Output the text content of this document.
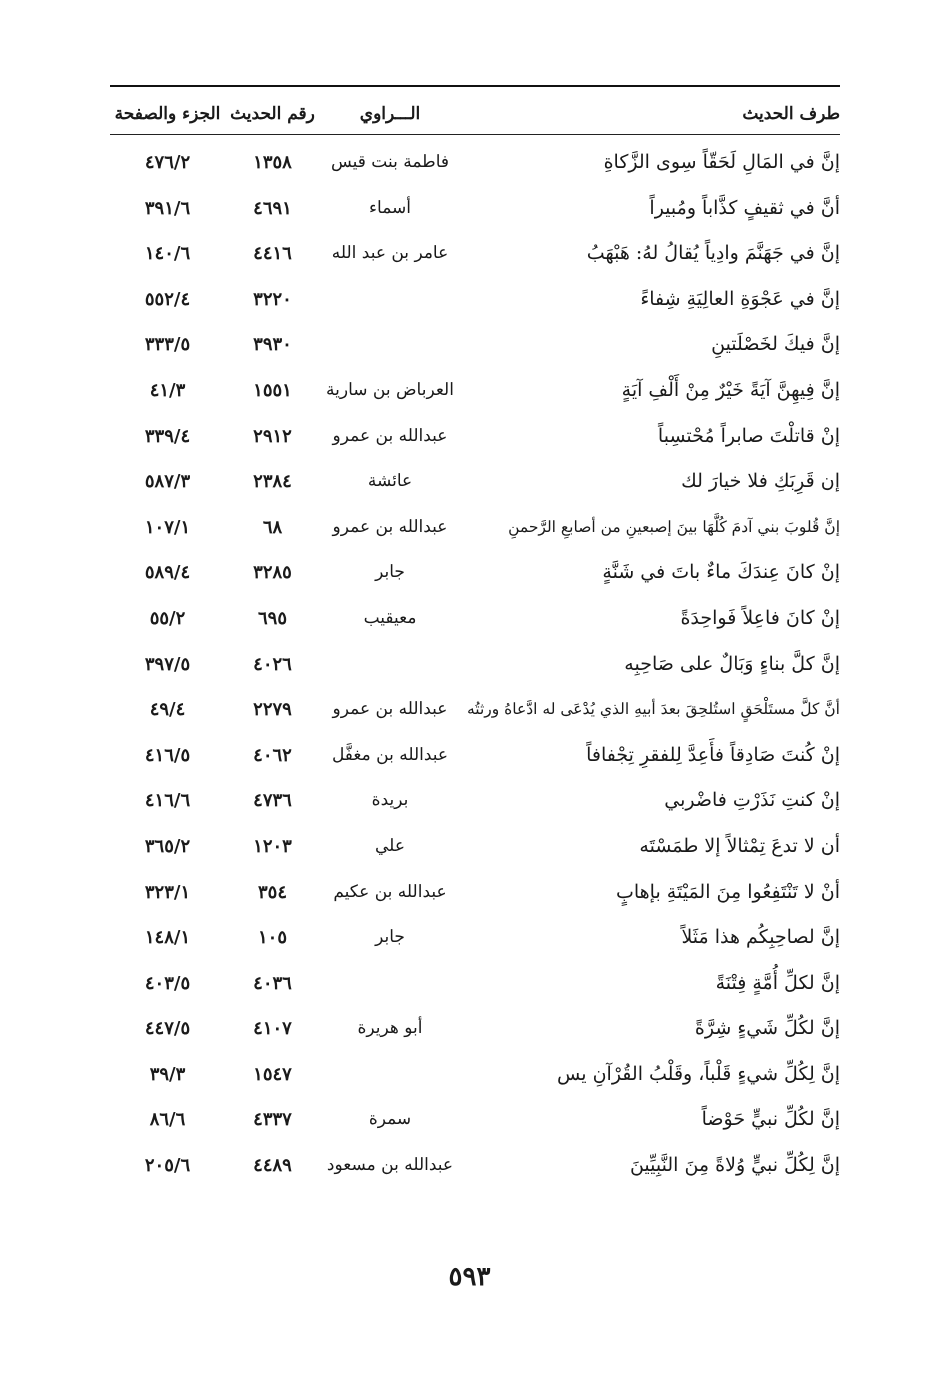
طرف الحديث
الـــراوي
رقم الحديث
الجزء والصفحة
إنَّ في المَالِ لَحَقّاً سِوى الزَّكاةِ
فاطمة بنت قيس
١٣٥٨
٤٧٦/٢
أنَّ في ثقيفٍ كذَّاباً ومُبيراً
أسماء
٤٦٩١
٣٩١/٦
إنَّ في جَهَنَّمَ وادِياً يُقالُ لهُ: هَبْهَبُ
عامر بن عبد الله
٤٤١٦
١٤٠/٦
إنَّ في عَجْوَةِ العالِيَةِ شِفاءً
٣٢٢٠
٥٥٢/٤
إنَّ فيكَ لخَصْلَتينِ
٣٩٣٠
٣٣٣/٥
إنَّ فِيهِنَّ آيَةً خَيْرٌ مِنْ أَلْفِ آيَةٍ
العرباض بن سارية
١٥٥١
٤١/٣
إنْ قاتلْتَ صابراً مُحْتسِباً
عبدالله بن عمرو
٢٩١٢
٣٣٩/٤
إن قَرِبَكِ فلا خيارَ لك
عائشة
٢٣٨٤
٥٨٧/٣
إنَّ قُلوبَ بني آدمَ كُلَّهَا بينَ إصبعينِ من أصابعِ الرَّحمنِ
عبدالله بن عمرو
٦٨
١٠٧/١
إنْ كانَ عِندَكَ ماءٌ باتَ في شَنَّةٍ
جابر
٣٢٨٥
٥٨٩/٤
إنْ كانَ فاعِلاً فَواحِدَةً
معيقيب
٦٩٥
٥٥/٢
إنَّ كلَّ بناءٍ وَبَالٌ على صَاحِبِه
٤٠٢٦
٣٩٧/٥
أنَّ كلَّ مستَلْحَقٍ استُلحِقَ بعدَ أبيهِ الذي يُدْعَى له ادَّعاهُ ورثتُه
عبدالله بن عمرو
٢٢٧٩
٤٩/٤
إنْ كُنتَ صَادِقاً فأَعِدَّ لِلفقرِ تِجْفافاً
عبدالله بن مغفَّل
٤٠٦٢
٤١٦/٥
إنْ كنتِ نَذَرْتِ فاضْربي
بريدة
٤٧٣٦
٤١٦/٦
أن لا تدعَ تِمْثالاً إلا طمَسْتَه
علي
١٢٠٣
٣٦٥/٢
أنْ لا تَنْتَفِعُوا مِنَ المَيْتَةِ بإهابٍ
عبدالله بن عكيم
٣٥٤
٣٢٣/١
إنَّ لصاحِبِكُم هذا مَثَلاً
جابر
١٠٥
١٤٨/١
إنَّ لكلِّ أُمَّةٍ فِتْنَةً
٤٠٣٦
٤٠٣/٥
إنَّ لكُلِّ شَيءٍ شِرَّةً
أبو هريرة
٤١٠٧
٤٤٧/٥
إنَّ لِكُلِّ شيءٍ قَلْباً، وقَلْبُ القُرْآنِ يس
١٥٤٧
٣٩/٣
إنَّ لكُلِّ نبيٍّ حَوْضاً
سمرة
٤٣٣٧
٨٦/٦
إنَّ لِكُلِّ نبيٍّ وُلاةً مِنَ النَّبِيِّينَ
عبدالله بن مسعود
٤٤٨٩
٢٠٥/٦
٥٩٣
